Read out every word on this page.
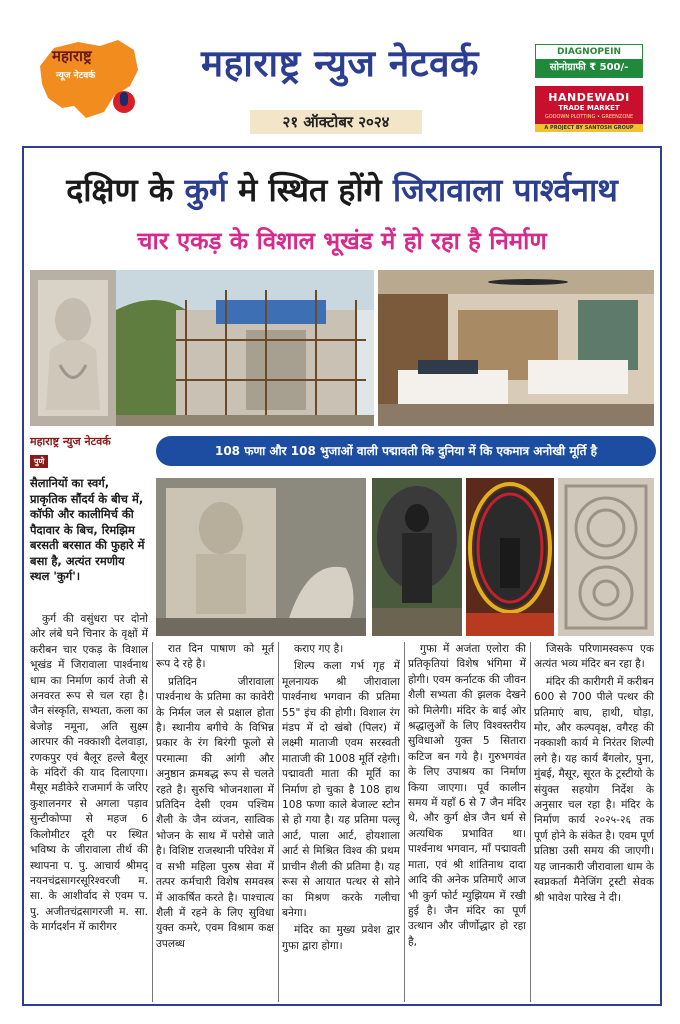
महाराष्ट्र
न्यूज नेटवर्क	महाराष्ट्र न्युज नेटवर्क
२१ ऑक्टोबर २०२४
DIAGNOPEIN
सोनोग्राफी ₹ 500/-
HANDEWADI
TRADE MARKET
GODOWN PLOTTING • GREENZONE
A PROJECT BY SANTOSH GROUP
दक्षिण के कुर्ग मे स्थित होंगे जिरावाला पार्श्वनाथ
चार एकड़ के विशाल भूखंड में हो रहा है निर्माण
महाराष्ट्र न्युज नेटवर्क
पुणे
सैलानियों का स्वर्ग, प्राकृतिक सौंदर्य के बीच में, कॉफी और कालीमिर्च की पैदावार के बिच, रिमझिम बरसती बरसात की फुहारे में बसा है, अत्यंत रमणीय स्थल 'कुर्ग'।
108 फणा और 108 भुजाओं वाली पद्मावती कि दुनिया में कि एकमात्र अनोखी मूर्ति है

कुर्ग की वसुंधरा पर दोनो ओर लंबे घने चिनार के वृक्षों में करीबन चार एकड़ के विशाल भूखंड में जिरावाला पार्श्वनाथ धाम का निर्माण कार्य तेजी से अनवरत रूप से चल रहा है। जैन संस्कृति, सभ्यता, कला का बेजोड़ नमूना, अति सुक्ष्म आरपार की नक्काशी देलवाड़ा, रणकपुर एवं बैलूर हल्ले बैलूर के मंदिरों की याद दिलाएगा। मैसूर मडीकेरे राजमार्ग के जरिए कुशालनगर से अगला पड़ाव सुन्टीकोप्पा से महज 6 किलोमीटर दूरी पर स्थित भविष्य के जीरावाला तीर्थ की स्थापना प. पु. आचार्य श्रीमद् नयनचंद्रसागरसूरिश्वरजी म. सा. के आशीर्वाद से एवम प. पु. अजीतचंद्रसागरजी म. सा. के मार्गदर्शन में कारीगर

रात दिन पाषाण को मूर्त रूप दे रहे है।

प्रतिदिन जीरावाला पार्श्वनाथ के प्रतिमा का कावेरी के निर्मल जल से प्रक्षाल होता है। स्थानीय बगीचे के विभिन्न प्रकार के रंग बिरंगी फूलो से परमात्मा की आंगी और अनुष्ठान क्रमबद्ध रूप से चलते रहते है। सुरुचि भोजनशाला में प्रतिदिन देसी एवम पश्चिम शैली के जैन व्यंजन, सात्विक भोजन के साथ में परोसे जाते है। विशिष्ट राजस्थानी परिवेश में व सभी महिला पुरुष सेवा में तत्पर कर्मचारी विशेष समवस्त्र में आकर्षित करते है। पाश्चात्य शैली में रहने के लिए सुविधा युक्त कमरे, एवम विश्राम कक्ष उपलब्ध

कराए गए है।

शिल्प कला गर्भ गृह में मूलनायक श्री जीरावाला पार्श्वनाथ भगवान की प्रतिमा 55" इंच की होगी। विशाल रंग मंडप में दो खंबो (पिलर) में लक्ष्मी माताजी एवम सरस्वती माताजी की 1008 मूर्ति रहेगी। पद्मावती माता की मूर्ति का निर्माण हो चुका है 108 हाथ 108 फणा काले बेजाल्ट स्टोन से हो गया है। यह प्रतिमा पल्लू आर्ट, पाला आर्ट, होयशाला आर्ट से मिश्रित विश्व की प्रथम प्राचीन शैली की प्रतिमा है। यह रूस से आयात पत्थर से सोने का मिश्रण करके गलीचा बनेगा।

मंदिर का मुख्य प्रवेश द्वार गुफा द्वारा होगा।

गुफा में अजंता एलोरा की प्रतिकृतियां विशेष भंगिमा में होगी। एवम कर्नाटक की जीवन शैली सभ्यता की झलक देखने को मिलेगी। मंदिर के बाई ओर श्रद्धालुओं के लिए विश्वस्तरीय सुविधाओ युक्त 5 सितारा कटिज बन गये है। गुरुभगवंत के लिए उपाश्रय का निर्माण किया जाएगा। पूर्व कालीन समय में यहाँ 6 से 7 जैन मंदिर थे, और कुर्ग क्षेत्र जैन धर्म से अत्यधिक प्रभावित था। पार्श्वनाथ भगवान, माँ पद्मावती माता, एवं श्री शांतिनाथ दादा आदि की अनेक प्रतिमाएँ आज भी कुर्ग फोर्ट म्युझियम में रखी हुई है। जैन मंदिर का पूर्ण उत्थान और जीर्णोद्धार हो रहा है,

जिसके परिणामस्वरूप एक अत्यंत भव्य मंदिर बन रहा है।

मंदिर की कारीगरी में करीबन 600 से 700 पीले पत्थर की प्रतिमाएं बाघ, हाथी, घोड़ा, मोर, और कल्पवृक्ष, वगैरह की नक्काशी कार्य मे निरंतर शिल्पी लगे है। यह कार्य बैंगलोर, पुना, मुंबई, मैसूर, सूरत के ट्रस्टीयो के संयुक्त सहयोग निर्देश के अनुसार चल रहा है। मंदिर के निर्माण कार्य २०२५-२६ तक पूर्ण होने के संकेत है। एवम पूर्ण प्रतिष्ठा उसी समय की जाएगी। यह जानकारी जीरावाला धाम के स्वप्नकर्ता मैनेजिंग ट्रस्टी सेवक श्री भावेश पारेख ने दी।
